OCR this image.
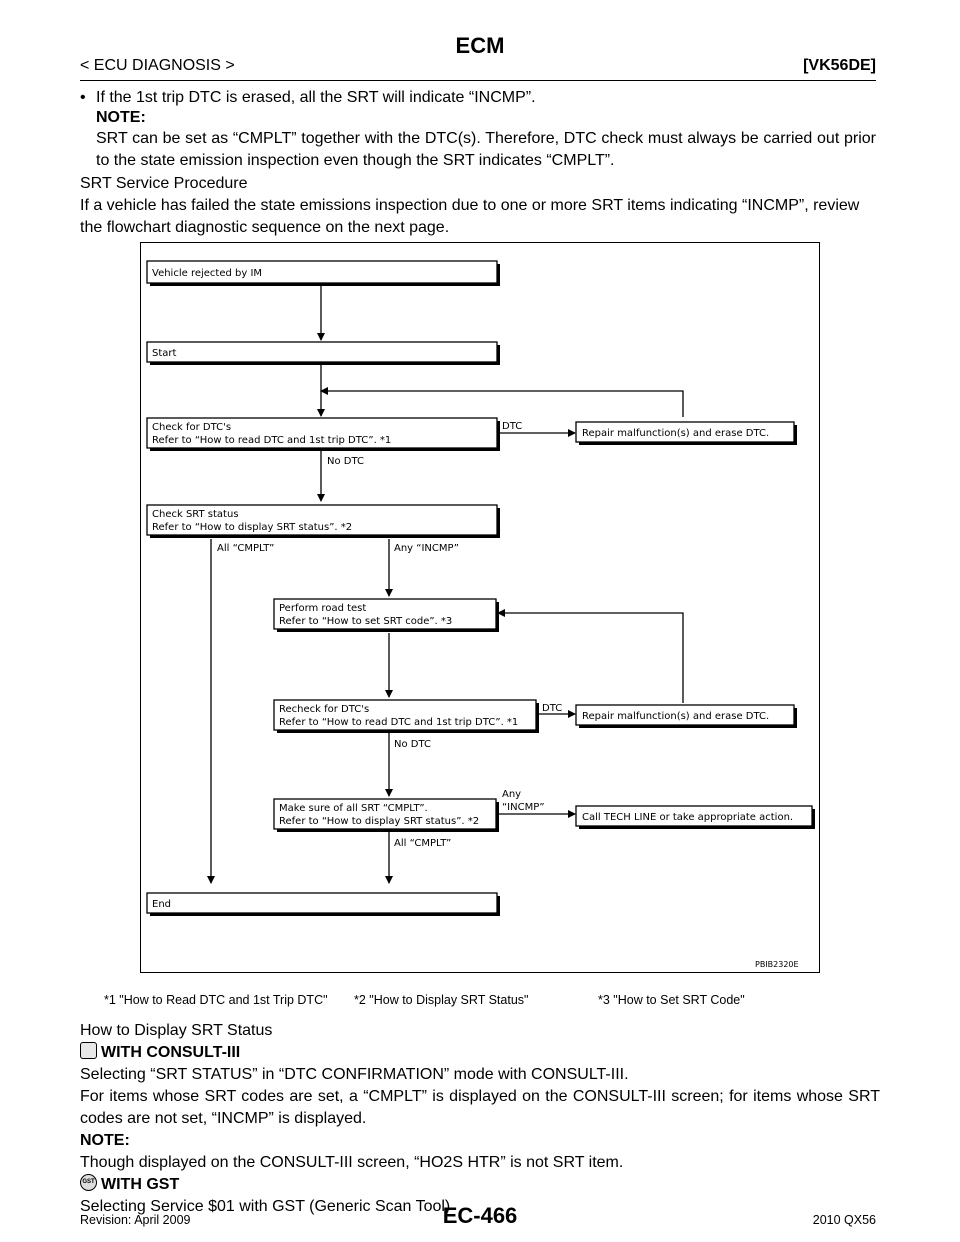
ECM
< ECU DIAGNOSIS >	[VK56DE]
• If the 1st trip DTC is erased, all the SRT will indicate “INCMP”.
NOTE:
SRT can be set as “CMPLT” together with the DTC(s). Therefore, DTC check must always be carried out prior to the state emission inspection even though the SRT indicates “CMPLT”.
SRT Service Procedure
If a vehicle has failed the state emissions inspection due to one or more SRT items indicating “INCMP”, review the flowchart diagnostic sequence on the next page.
Vehicle rejected by IM
Start
Check for DTC's
Refer to “How to read DTC and 1st trip DTC”. *1
Repair malfunction(s) and erase DTC.
Check SRT status
Refer to “How to display SRT status”. *2
Perform road test
Refer to “How to set SRT code”. *3
Recheck for DTC's
Refer to “How to read DTC and 1st trip DTC”. *1
Repair malfunction(s) and erase DTC.
Make sure of all SRT “CMPLT”.
Refer to “How to display SRT status”. *2	Call TECH LINE or take appropriate action.
End
DTC
No DTC
All “CMPLT”	Any “INCMP”
DTC
No DTC
Any
“INCMP”
All “CMPLT”
PBIB2320E
*1 "How to Read DTC and 1st Trip DTC" *2 "How to Display SRT Status"	*3 "How to Set SRT Code"
How to Display SRT Status
WITH CONSULT-III
Selecting “SRT STATUS” in “DTC CONFIRMATION” mode with CONSULT-III.
For items whose SRT codes are set, a “CMPLT” is displayed on the CONSULT-III screen; for items whose SRT codes are not set, “INCMP” is displayed.
NOTE:
Though displayed on the CONSULT-III screen, “HO2S HTR” is not SRT item.
GST WITH GST
Selecting Service $01 with GST (Generic Scan Tool)
EC-466
Revision: April 2009	2010 QX56
